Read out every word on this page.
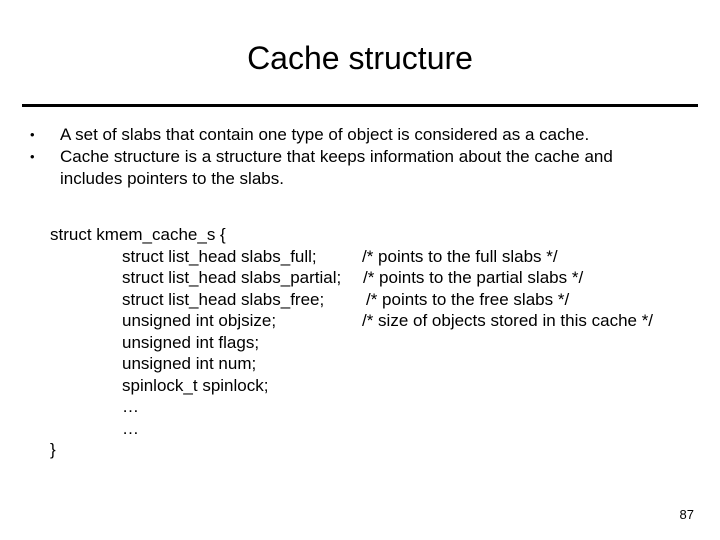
Cache structure
• A set of slabs that contain one type of object is considered as a cache.
• Cache structure is a structure that keeps information about the cache and includes pointers to the slabs.
struct kmem_cache_s {
struct list_head slabs_full;
struct list_head slabs_partial;
struct list_head slabs_free;
unsigned int objsize;
unsigned int flags;
unsigned int num;
spinlock_t spinlock;
…
…
/* points to the full slabs */
/* points to the partial slabs */
/* points to the free slabs */
/* size of objects stored in this cache */
}
87
